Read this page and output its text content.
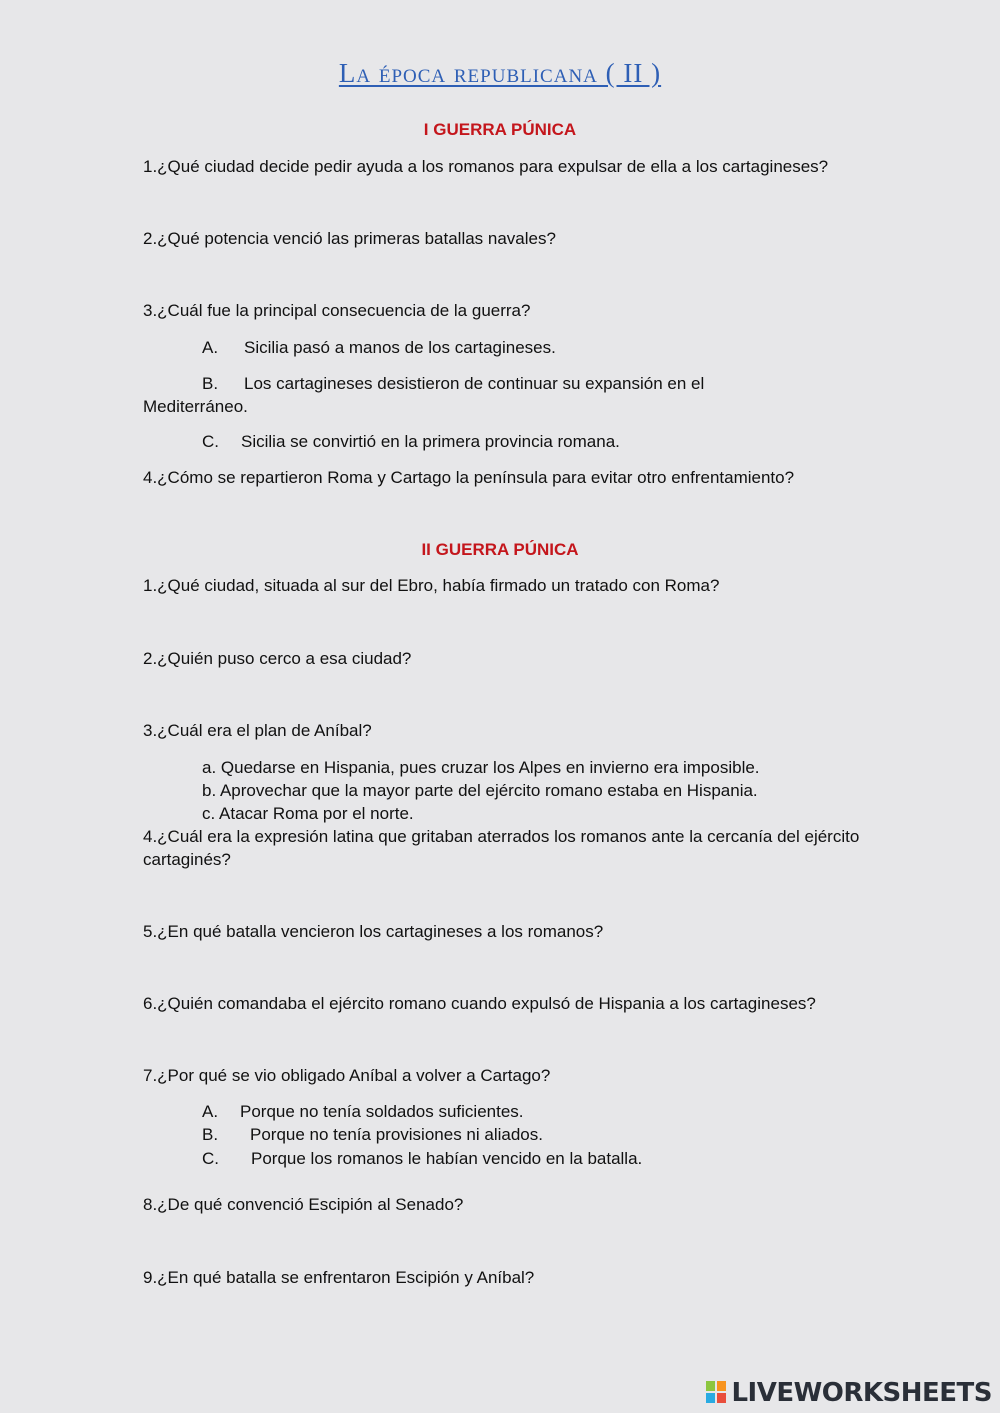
La época republicana ( II )
I GUERRA PÚNICA
1.¿Qué ciudad decide pedir ayuda a los romanos para expulsar de ella a los cartagineses?
2.¿Qué potencia venció las primeras batallas navales?
3.¿Cuál fue la principal consecuencia de la guerra?
A. Sicilia pasó a manos de los cartagineses.
B. Los cartagineses desistieron de continuar su expansión en el
Mediterráneo.
C. Sicilia se convirtió en la primera provincia romana.
4.¿Cómo se repartieron Roma y Cartago la península para evitar otro enfrentamiento?
II GUERRA PÚNICA
1.¿Qué ciudad, situada al sur del Ebro, había firmado un tratado con Roma?
2.¿Quién puso cerco a esa ciudad?
3.¿Cuál era el plan de Aníbal?
a. Quedarse en Hispania, pues cruzar los Alpes en invierno era imposible.
b. Aprovechar que la mayor parte del ejército romano estaba en Hispania.
c. Atacar Roma por el norte.
4.¿Cuál era la expresión latina que gritaban aterrados los romanos ante la cercanía del ejército cartaginés?
5.¿En qué batalla vencieron los cartagineses a los romanos?
6.¿Quién comandaba el ejército romano cuando expulsó de Hispania a los cartagineses?
7.¿Por qué se vio obligado Aníbal a volver a Cartago?
A. Porque no tenía soldados suficientes.
B. Porque no tenía provisiones ni aliados.
C. Porque los romanos le habían vencido en la batalla.
8.¿De qué convenció Escipión al Senado?
9.¿En qué batalla se enfrentaron Escipión y Aníbal?
LIVEWORKSHEETS
